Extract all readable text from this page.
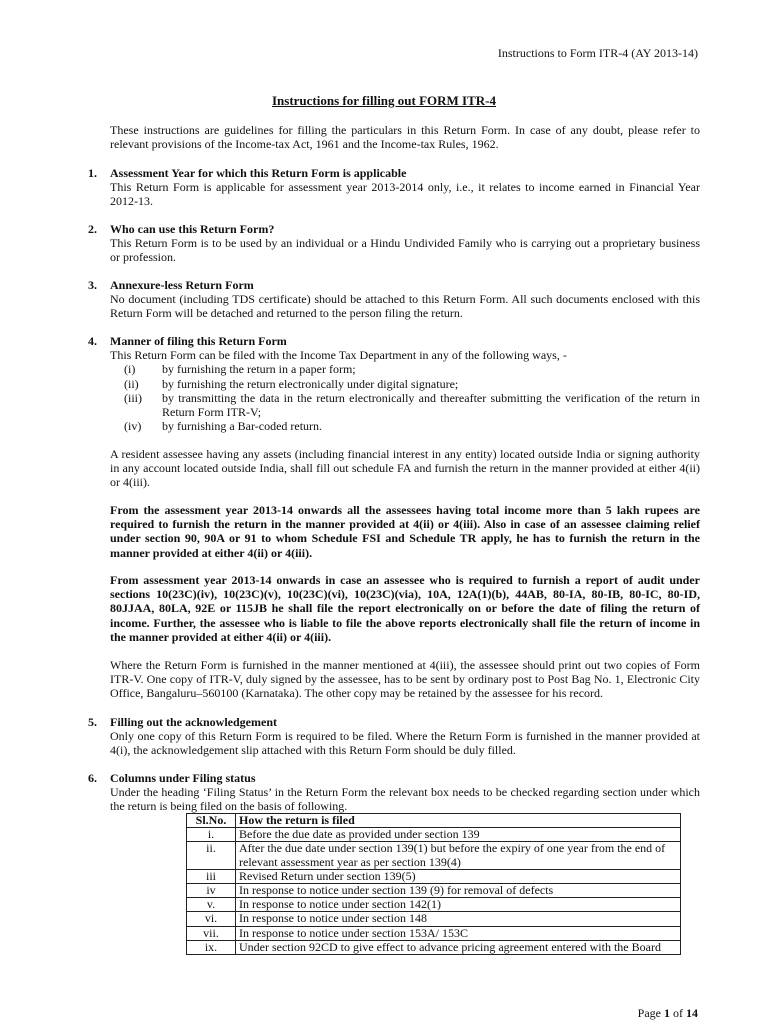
Instructions to Form ITR-4 (AY 2013-14)
Instructions for filling out FORM ITR-4
These instructions are guidelines for filling the particulars in this Return Form. In case of any doubt, please refer to relevant provisions of the Income-tax Act, 1961 and the Income-tax Rules, 1962.
1. Assessment Year for which this Return Form is applicable
This Return Form is applicable for assessment year 2013-2014 only, i.e., it relates to income earned in Financial Year 2012-13.
2. Who can use this Return Form?
This Return Form is to be used by an individual or a Hindu Undivided Family who is carrying out a proprietary business or profession.
3. Annexure-less Return Form
No document (including TDS certificate) should be attached to this Return Form. All such documents enclosed with this Return Form will be detached and returned to the person filing the return.
4. Manner of filing this Return Form
This Return Form can be filed with the Income Tax Department in any of the following ways, -
(i) by furnishing the return in a paper form;
(ii) by furnishing the return electronically under digital signature;
(iii) by transmitting the data in the return electronically and thereafter submitting the verification of the return in Return Form ITR-V;
(iv) by furnishing a Bar-coded return.
A resident assessee having any assets (including financial interest in any entity) located outside India or signing authority in any account located outside India, shall fill out schedule FA and furnish the return in the manner provided at either 4(ii) or 4(iii).
From the assessment year 2013-14 onwards all the assessees having total income more than 5 lakh rupees are required to furnish the return in the manner provided at 4(ii) or 4(iii). Also in case of an assessee claiming relief under section 90, 90A or 91 to whom Schedule FSI and Schedule TR apply, he has to furnish the return in the manner provided at either 4(ii) or 4(iii).
From assessment year 2013-14 onwards in case an assessee who is required to furnish a report of audit under sections 10(23C)(iv), 10(23C)(v), 10(23C)(vi), 10(23C)(via), 10A, 12A(1)(b), 44AB, 80-IA, 80-IB, 80-IC, 80-ID, 80JJAA, 80LA, 92E or 115JB he shall file the report electronically on or before the date of filing the return of income. Further, the assessee who is liable to file the above reports electronically shall file the return of income in the manner provided at either 4(ii) or 4(iii).
Where the Return Form is furnished in the manner mentioned at 4(iii), the assessee should print out two copies of Form ITR-V. One copy of ITR-V, duly signed by the assessee, has to be sent by ordinary post to Post Bag No. 1, Electronic City Office, Bangaluru–560100 (Karnataka). The other copy may be retained by the assessee for his record.
5. Filling out the acknowledgement
Only one copy of this Return Form is required to be filed. Where the Return Form is furnished in the manner provided at 4(i), the acknowledgement slip attached with this Return Form should be duly filled.
6. Columns under Filing status
Under the heading ‘Filing Status’ in the Return Form the relevant box needs to be checked regarding section under which the return is being filed on the basis of following.
Sl.No.	How the return is filed
i.	Before the due date as provided under section 139
ii.	After the due date under section 139(1) but before the expiry of one year from the end of relevant assessment year as per section 139(4)
iii	Revised Return under section 139(5)
iv	In response to notice under section 139 (9) for removal of defects
v.	In response to notice under section 142(1)
vi.	In response to notice under section 148
vii.	In response to notice under section 153A/ 153C
ix.	Under section 92CD to give effect to advance pricing agreement entered with the Board
Page 1 of 14
